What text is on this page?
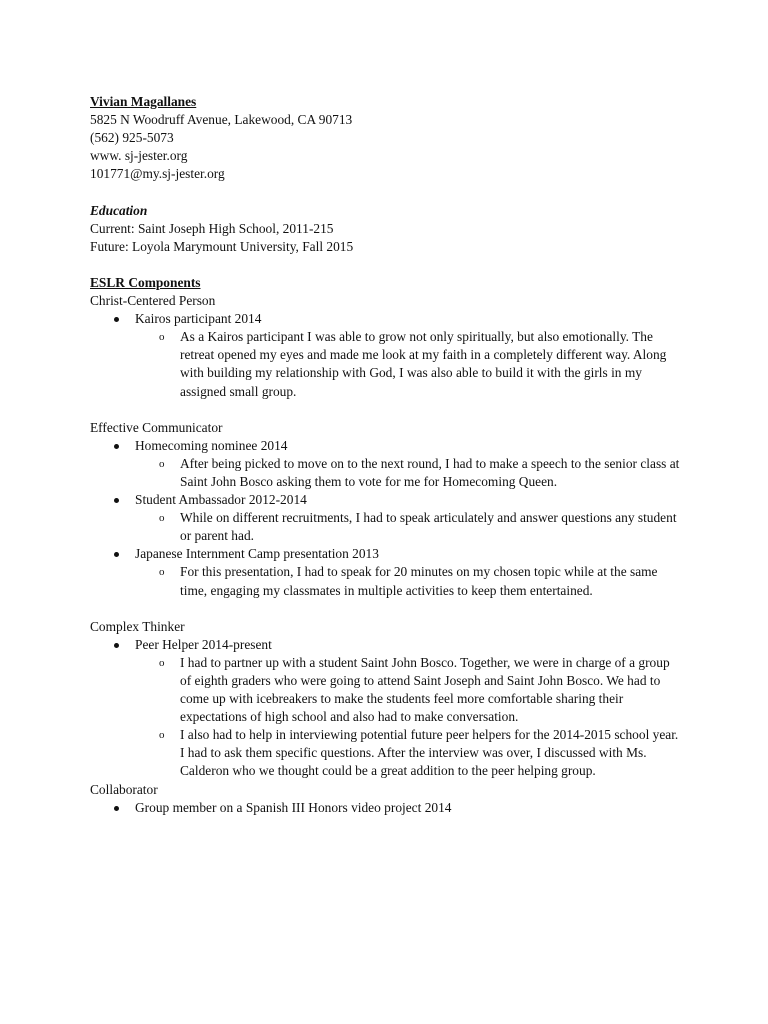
Vivian Magallanes
5825 N Woodruff Avenue, Lakewood, CA 90713
(562) 925-5073
www. sj-jester.org
101771@my.sj-jester.org
Education
Current: Saint Joseph High School, 2011-215
Future: Loyola Marymount University, Fall 2015
ESLR Components
Christ-Centered Person
Kairos participant 2014
o As a Kairos participant I was able to grow not only spiritually, but also emotionally. The retreat opened my eyes and made me look at my faith in a completely different way. Along with building my relationship with God, I was also able to build it with the girls in my assigned small group.
Effective Communicator
Homecoming nominee 2014
o After being picked to move on to the next round, I had to make a speech to the senior class at Saint John Bosco asking them to vote for me for Homecoming Queen.
Student Ambassador 2012-2014
o While on different recruitments, I had to speak articulately and answer questions any student or parent had.
Japanese Internment Camp presentation 2013
o For this presentation, I had to speak for 20 minutes on my chosen topic while at the same time, engaging my classmates in multiple activities to keep them entertained.
Complex Thinker
Peer Helper 2014-present
o I had to partner up with a student Saint John Bosco. Together, we were in charge of a group of eighth graders who were going to attend Saint Joseph and Saint John Bosco. We had to come up with icebreakers to make the students feel more comfortable sharing their expectations of high school and also had to make conversation.
o I also had to help in interviewing potential future peer helpers for the 2014-2015 school year. I had to ask them specific questions. After the interview was over, I discussed with Ms. Calderon who we thought could be a great addition to the peer helping group.
Collaborator
Group member on a Spanish III Honors video project 2014
